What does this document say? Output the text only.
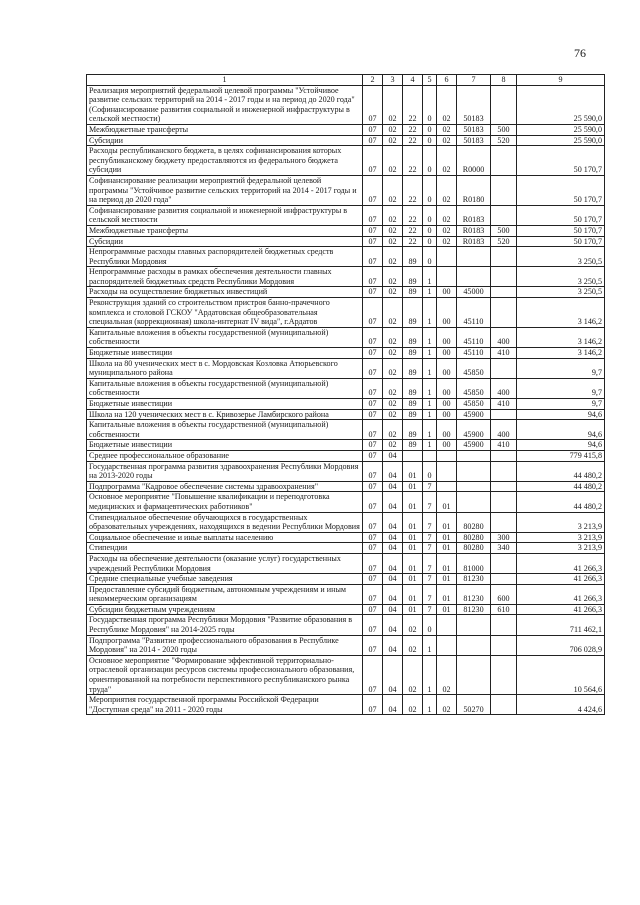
76
1	2	3	4	5	6	7	8	9
Реализация мероприятий федеральной целевой программы "Устойчивое развитие сельских территорий на 2014 - 2017 годы и на период до 2020 года" (Софинансирование развития социальной и инженерной инфраструктуры в сельской местности)	07	02	22	0	02	50183		25 590,0
Межбюджетные трансферты	07	02	22	0	02	50183	500	25 590,0
Субсидии	07	02	22	0	02	50183	520	25 590,0
Расходы республиканского бюджета, в целях софинансирования которых республиканскому бюджету предоставляются из федерального бюджета субсидии	07	02	22	0	02	R0000		50 170,7
Софинансирование реализации мероприятий федеральной целевой программы "Устойчивое развитие сельских территорий на 2014 - 2017 годы и на период до 2020 года"	07	02	22	0	02	R0180		50 170,7
Софинансирование развития социальной и инженерной инфраструктуры в сельской местности	07	02	22	0	02	R0183		50 170,7
Межбюджетные трансферты	07	02	22	0	02	R0183	500	50 170,7
Субсидии	07	02	22	0	02	R0183	520	50 170,7
Непрограммные расходы главных распорядителей бюджетных средств Республики Мордовия	07	02	89	0				3 250,5
Непрограммные расходы в рамках обеспечения деятельности главных распорядителей бюджетных средств Республики Мордовия	07	02	89	1				3 250,5
Расходы на осуществление бюджетных инвестиций	07	02	89	1	00	45000		3 250,5
Реконструкция зданий со строительством пристроя банно-прачечного комплекса и столовой ГСКОУ "Ардатовская общеобразовательная специальная (коррекционная) школа-интернат IV вида", г.Ардатов	07	02	89	1	00	45110		3 146,2
Капитальные вложения в объекты государственной (муниципальной) собственности	07	02	89	1	00	45110	400	3 146,2
Бюджетные инвестиции	07	02	89	1	00	45110	410	3 146,2
Школа на 80 ученических мест в с. Мордовская Козловка Атюрьевского муниципального района	07	02	89	1	00	45850		9,7
Капитальные вложения в объекты государственной (муниципальной) собственности	07	02	89	1	00	45850	400	9,7
Бюджетные инвестиции	07	02	89	1	00	45850	410	9,7
Школа на 120 ученических мест в с. Кривозерье Ламбирского района	07	02	89	1	00	45900		94,6
Капитальные вложения в объекты государственной (муниципальной) собственности	07	02	89	1	00	45900	400	94,6
Бюджетные инвестиции	07	02	89	1	00	45900	410	94,6
Среднее профессиональное образование	07	04						779 415,8
Государственная программа развития здравоохранения Республики Мордовия на 2013-2020 годы	07	04	01	0				44 480,2
Подпрограмма "Кадровое обеспечение системы здравоохранения"	07	04	01	7				44 480,2
Основное мероприятие "Повышение квалификации и переподготовка медицинских и фармацевтических работников"	07	04	01	7	01			44 480,2
Стипендиальное обеспечение обучающихся в государственных образовательных учреждениях, находящихся в ведении Республики Мордовия	07	04	01	7	01	80280		3 213,9
Социальное обеспечение и иные выплаты населению	07	04	01	7	01	80280	300	3 213,9
Стипендии	07	04	01	7	01	80280	340	3 213,9
Расходы на обеспечение деятельности (оказание услуг) государственных учреждений Республики Мордовия	07	04	01	7	01	81000		41 266,3
Средние специальные учебные заведения	07	04	01	7	01	81230		41 266,3
Предоставление субсидий бюджетным, автономным учреждениям и иным некоммерческим организациям	07	04	01	7	01	81230	600	41 266,3
Субсидии бюджетным учреждениям	07	04	01	7	01	81230	610	41 266,3
Государственная программа Республики Мордовия "Развитие образования в Республике Мордовия" на 2014-2025 годы	07	04	02	0				711 462,1
Подпрограмма "Развитие профессионального образования в Республике Мордовия" на 2014 - 2020 годы	07	04	02	1				706 028,9
Основное мероприятие "Формирование эффективной территориально-отраслевой организации ресурсов системы профессионального образования, ориентированной на потребности перспективного республиканского рынка труда"	07	04	02	1	02			10 564,6
Мероприятия государственной программы Российской Федерации "Доступная среда" на 2011 - 2020 годы	07	04	02	1	02	50270		4 424,6
